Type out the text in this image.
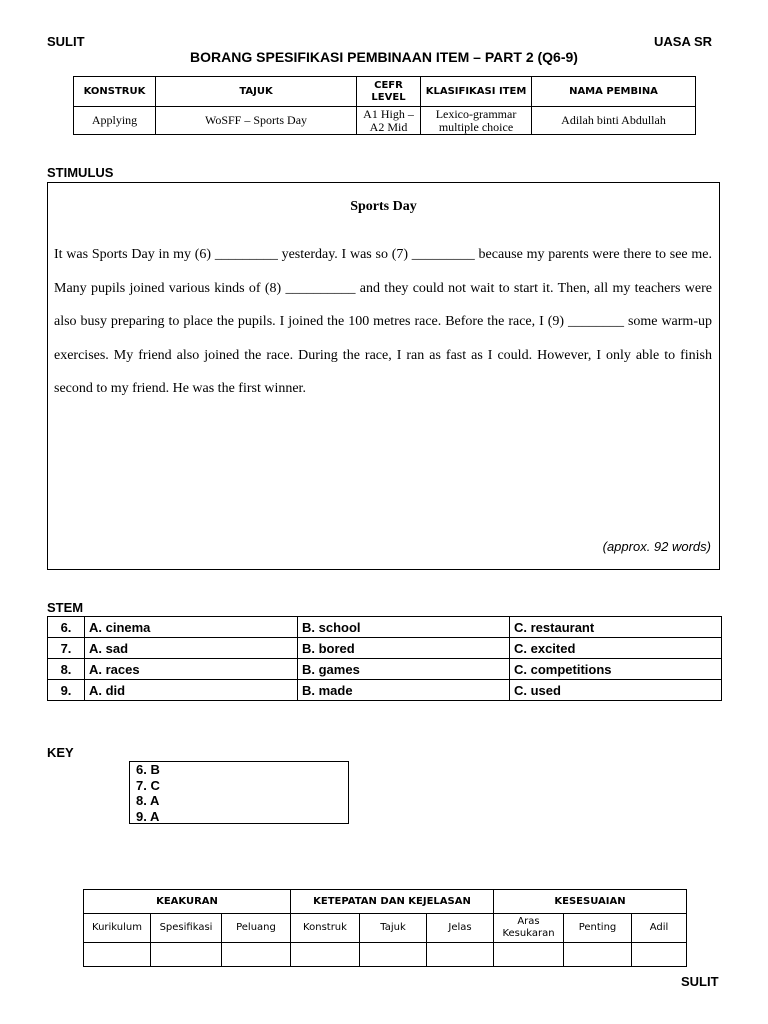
SULIT	UASA SR
BORANG SPESIFIKASI PEMBINAAN ITEM – PART 2 (Q6-9)
KONSTRUK	TAJUK	CEFR LEVEL	KLASIFIKASI ITEM	NAMA PEMBINA
Applying	WoSFF – Sports Day	A1 High – A2 Mid	Lexico-grammar multiple choice	Adilah binti Abdullah
STIMULUS
Sports Day

It was Sports Day in my (6) _________ yesterday. I was so (7) _________ because my parents were there to see me. Many pupils joined various kinds of (8) __________ and they could not wait to start it. Then, all my teachers were also busy preparing to place the pupils. I joined the 100 metres race. Before the race, I (9) ________ some warm-up exercises. My friend also joined the race. During the race, I ran as fast as I could. However, I only able to finish second to my friend. He was the first winner.

(approx. 92 words)
STEM
6.	A. cinema	B. school	C. restaurant
7.	A. sad	B. bored	C. excited
8.	A. races	B. games	C. competitions
9.	A. did	B. made	C. used
KEY
6. B
7. C
8. A
9. A
KEAKURAN			KETEPATAN DAN KEJELASAN			KESESUAIAN		
Kurikulum	Spesifikasi	Peluang	Konstruk	Tajuk	Jelas	Aras Kesukaran	Penting	Adil

SULIT
